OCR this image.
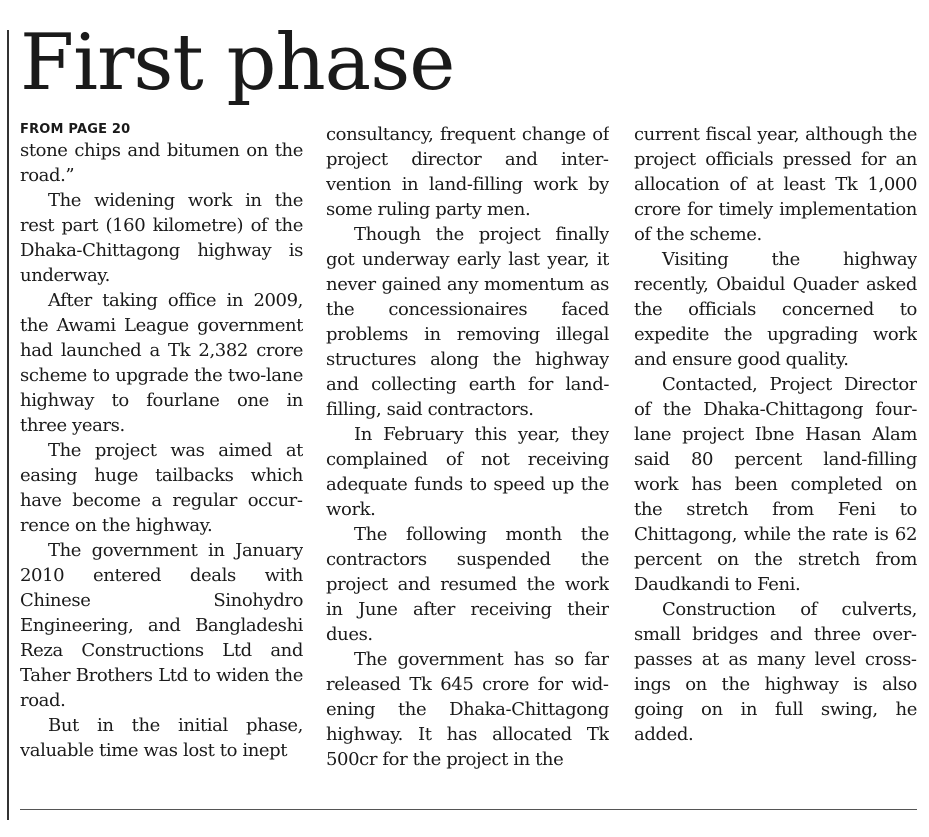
First phase
FROM PAGE 20

stone chips and bitumen on the road.”

The widening work in the rest part (160 kilometre) of the Dhaka-Chittagong highway is underway.

After taking office in 2009, the Awami League government had launched a Tk 2,382 crore scheme to upgrade the two-lane highway to fourlane one in three years.

The project was aimed at easing huge tailbacks which have become a regular occurrence on the highway.

The government in January 2010 entered deals with Chinese Sinohydro Engineering, and Bangladeshi Reza Constructions Ltd and Taher Brothers Ltd to widen the road.

But in the initial phase, valuable time was lost to inept

consultancy, frequent change of project director and intervention in land-filling work by some ruling party men.

Though the project finally got underway early last year, it never gained any momentum as the concessionaires faced problems in removing illegal structures along the highway and collecting earth for land-filling, said contractors.

In February this year, they complained of not receiving adequate funds to speed up the work.

The following month the contractors suspended the project and resumed the work in June after receiving their dues.

The government has so far released Tk 645 crore for widening the Dhaka-Chittagong highway. It has allocated Tk 500cr for the project in the

current fiscal year, although the project officials pressed for an allocation of at least Tk 1,000 crore for timely implementation of the scheme.

Visiting the highway recently, Obaidul Quader asked the officials concerned to expedite the upgrading work and ensure good quality.

Contacted, Project Director of the Dhaka-Chittagong four-lane project Ibne Hasan Alam said 80 percent land-filling work has been completed on the stretch from Feni to Chittagong, while the rate is 62 percent on the stretch from Daudkandi to Feni.

Construction of culverts, small bridges and three overpasses at as many level crossings on the highway is also going on in full swing, he added.
